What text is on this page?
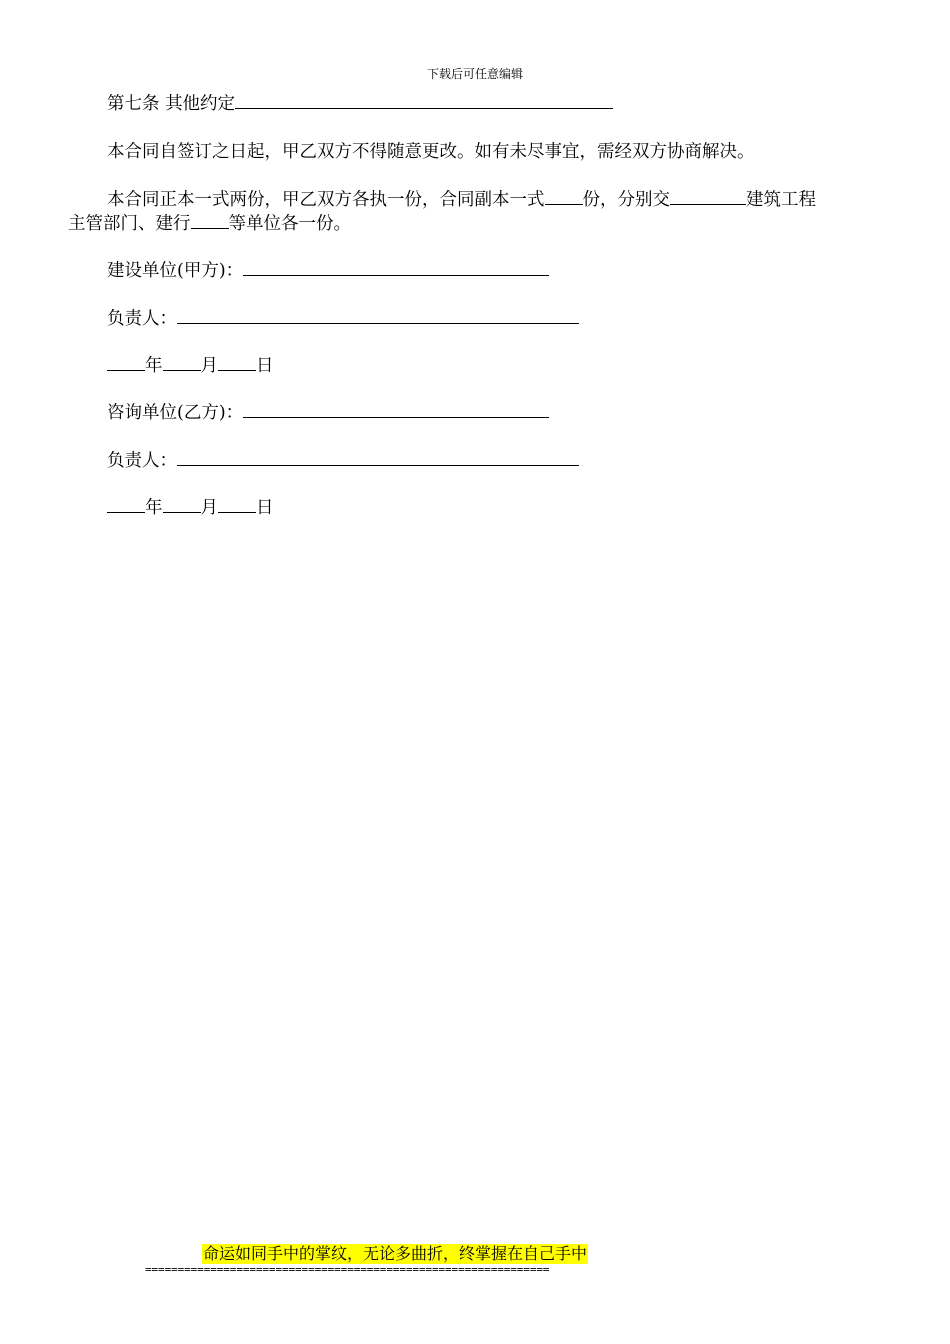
下载后可任意编辑
第七条 其他约定
本合同自签订之日起，甲乙双方不得随意更改。如有未尽事宜，需经双方协商解决。
本合同正本一式两份，甲乙双方各执一份，合同副本一式 份，分别交	建筑工程
主管部门、建行 等单位各一份。
建设单位(甲方)：
负责人：
年 月 日
咨询单位(乙方)：
负责人：
年 月 日
命运如同手中的掌纹，无论多曲折，终掌握在自己手中
==============================================================
